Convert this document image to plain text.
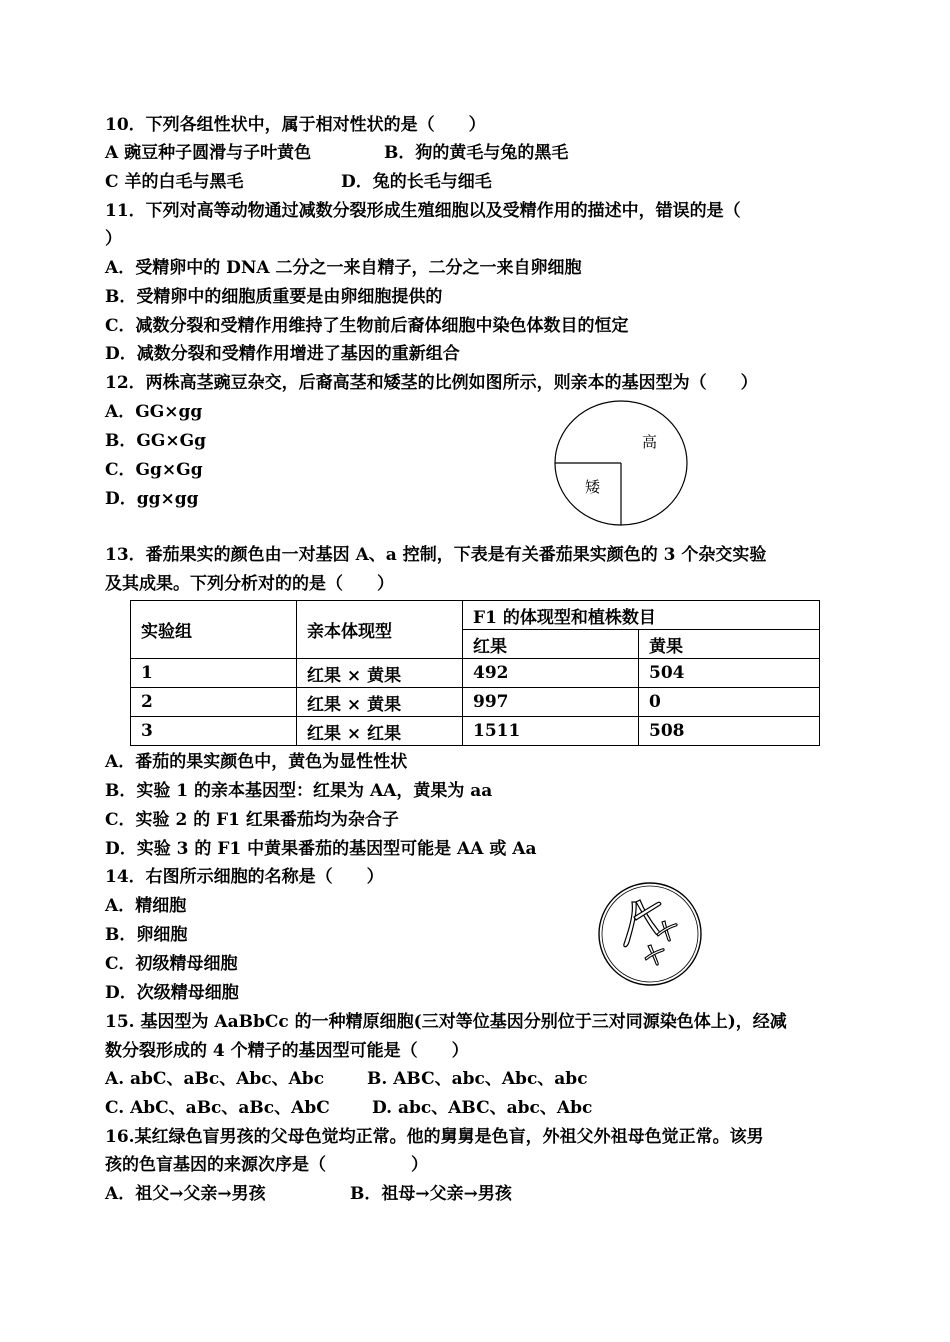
10．下列各组性状中，属于相对性状的是（　　）
A 豌豆种子圆滑与子叶黄色	B．狗的黄毛与兔的黑毛
C 羊的白毛与黑毛	D．兔的长毛与细毛
11．下列对高等动物通过减数分裂形成生殖细胞以及受精作用的描述中，错误的是（
）
A．受精卵中的 DNA 二分之一来自精子，二分之一来自卵细胞
B．受精卵中的细胞质重要是由卵细胞提供的
C．减数分裂和受精作用维持了生物前后裔体细胞中染色体数目的恒定
D．减数分裂和受精作用增进了基因的重新组合
12．两株高茎豌豆杂交，后裔高茎和矮茎的比例如图所示，则亲本的基因型为（　　）
A．GG×gg
B．GG×Gg
C．Gg×Gg
D．gg×gg
高
矮
13．番茄果实的颜色由一对基因 A、a 控制，下表是有关番茄果实颜色的 3 个杂交实验
及其成果。下列分析对的的是（　　）
实验组	亲本体现型	F1 的体现型和植株数目	
		红果	黄果
1	红果 × 黄果	492	504
2	红果 × 黄果	997	0
3	红果 × 红果	1511	508
A．番茄的果实颜色中，黄色为显性性状
B．实验 1 的亲本基因型：红果为 AA，黄果为 aa
C．实验 2 的 F1 红果番茄均为杂合子
D．实验 3 的 F1 中黄果番茄的基因型可能是 AA 或 Aa
14．右图所示细胞的名称是（　　）
A．精细胞
B．卵细胞
C．初级精母细胞
D．次级精母细胞
15. 基因型为 AaBbCc 的一种精原细胞(三对等位基因分别位于三对同源染色体上)，经减
数分裂形成的 4 个精子的基因型可能是（　　）
A. abC、aBc、Abc、Abc	B. ABC、abc、Abc、abc
C. AbC、aBc、aBc、AbC D. abc、ABC、abc、Abc
16.某红绿色盲男孩的父母色觉均正常。他的舅舅是色盲，外祖父外祖母色觉正常。该男
孩的色盲基因的来源次序是（　　　　　）
A．祖父→父亲→男孩	B．祖母→父亲→男孩
